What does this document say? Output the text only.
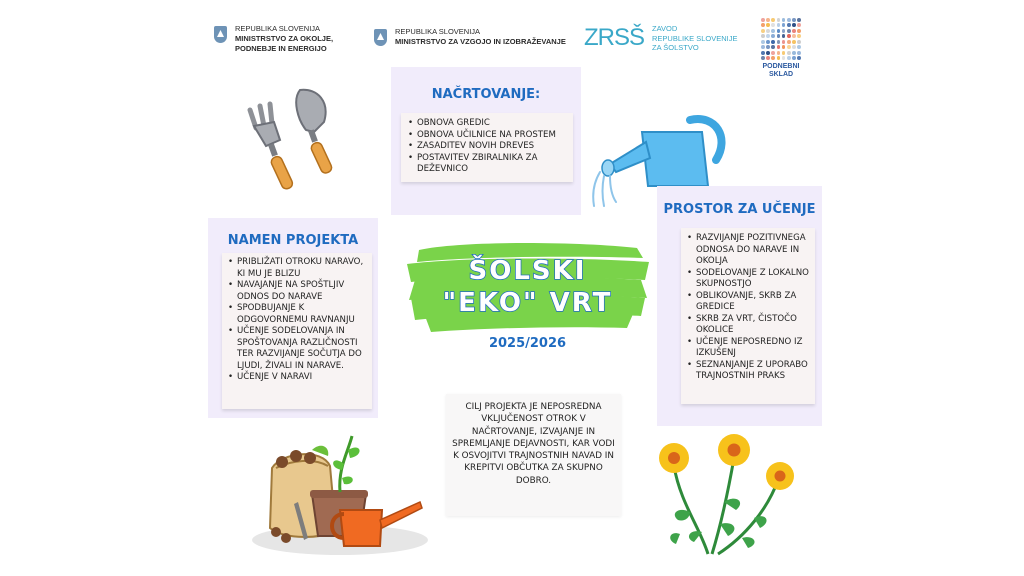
REPUBLIKA SLOVENIJA
MINISTRSTVO ZA OKOLJE,
PODNEBJE IN ENERGIJO
REPUBLIKA SLOVENIJA
MINISTRSTVO ZA VZGOJO IN IZOBRAŽEVANJE ZRSŠ ZAVOD
REPUBLIKE SLOVENIJE
ZA ŠOLSTVO
PODNEBNI
SKLAD
NAČRTOVANJE:
• OBNOVA GREDIC
• OBNOVA UČILNICE NA PROSTEM
• ZASADITEV NOVIH DREVES
• POSTAVITEV ZBIRALNIKA ZA DEŽEVNICO
NAMEN PROJEKTA
• PRIBLIŽATI OTROKU NARAVO, KI MU JE BLIZU
• NAVAJANJE NA SPOŠTLJIV ODNOS DO NARAVE
• SPODBUJANJE K ODGOVORNEMU RAVNANJU
• UČENJE SODELOVANJA IN SPOŠTOVANJA RAZLIČNOSTI TER RAZVIJANJE SOČUTJA DO LJUDI, ŽIVALI IN NARAVE.
• UČENJE V NARAVI
PROSTOR ZA UČENJE
• RAZVIJANJE POZITIVNEGA ODNOSA DO NARAVE IN OKOLJA
• SODELOVANJE Z LOKALNO SKUPNOSTJO
• OBLIKOVANJE, SKRB ZA GREDICE
• SKRB ZA VRT, ČISTOČO OKOLICE
• UČENJE NEPOSREDNO IZ IZKUŠENJ
• SEZNANJANJE Z UPORABO TRAJNOSTNIH PRAKS
ŠOLSKI
"EKO" VRT
2025/2026
CILJ PROJEKTA JE NEPOSREDNA VKLJUČENOST OTROK V NAČRTOVANJE, IZVAJANJE IN SPREMLJANJE DEJAVNOSTI, KAR VODI K OSVOJITVI TRAJNOSTNIH NAVAD IN KREPITVI OBČUTKA ZA SKUPNO DOBRO.
